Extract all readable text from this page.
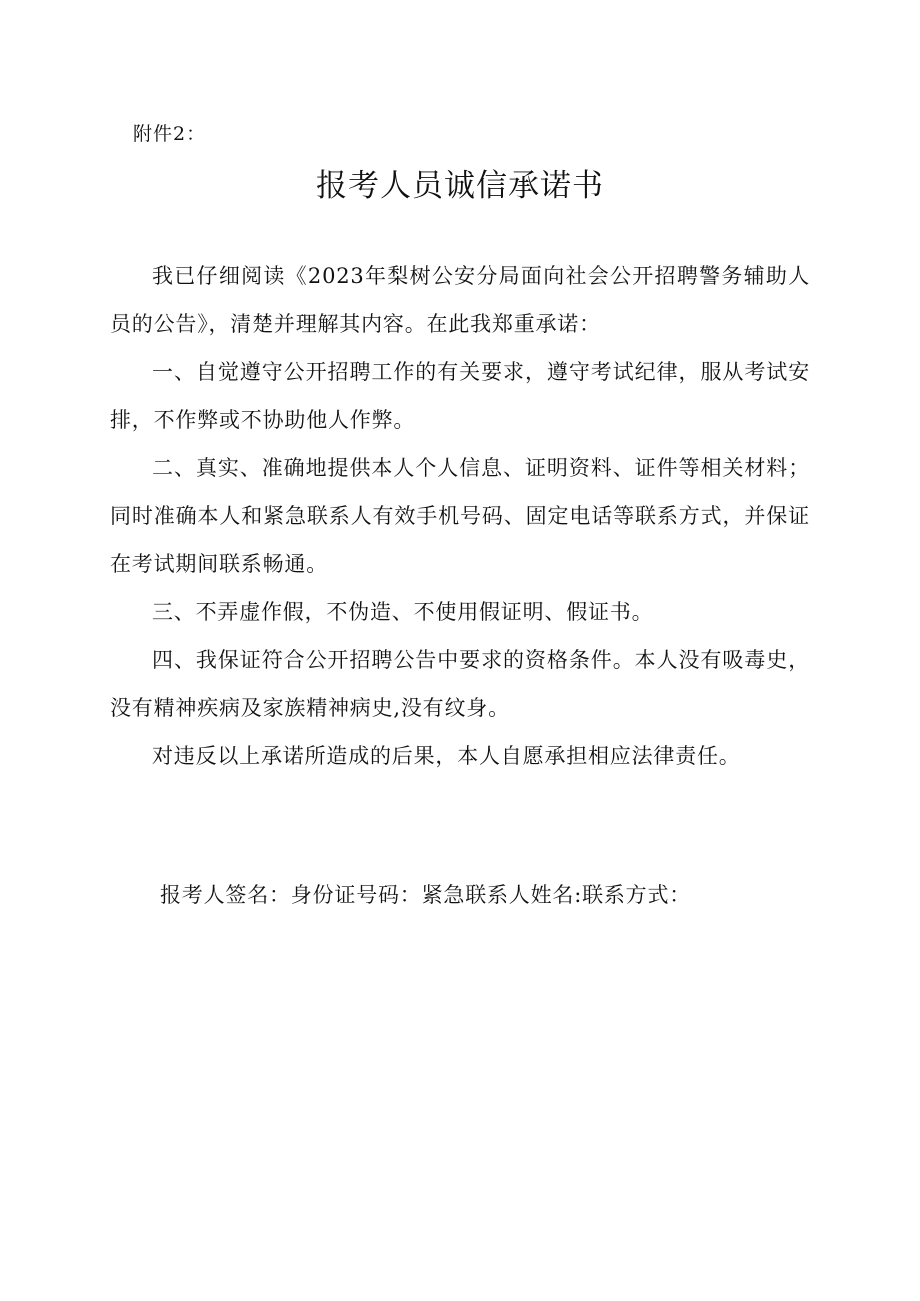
附件2：
报考人员诚信承诺书

我已仔细阅读《2023年梨树公安分局面向社会公开招聘警务辅助人员的公告》，清楚并理解其内容。在此我郑重承诺：

一、自觉遵守公开招聘工作的有关要求，遵守考试纪律，服从考试安排，不作弊或不协助他人作弊。

二、真实、准确地提供本人个人信息、证明资料、证件等相关材料；同时准确本人和紧急联系人有效手机号码、固定电话等联系方式，并保证在考试期间联系畅通。

三、不弄虚作假，不伪造、不使用假证明、假证书。

四、我保证符合公开招聘公告中要求的资格条件。本人没有吸毒史，没有精神疾病及家族精神病史,没有纹身。

对违反以上承诺所造成的后果，本人自愿承担相应法律责任。

报考人签名：身份证号码：紧急联系人姓名:联系方式：
